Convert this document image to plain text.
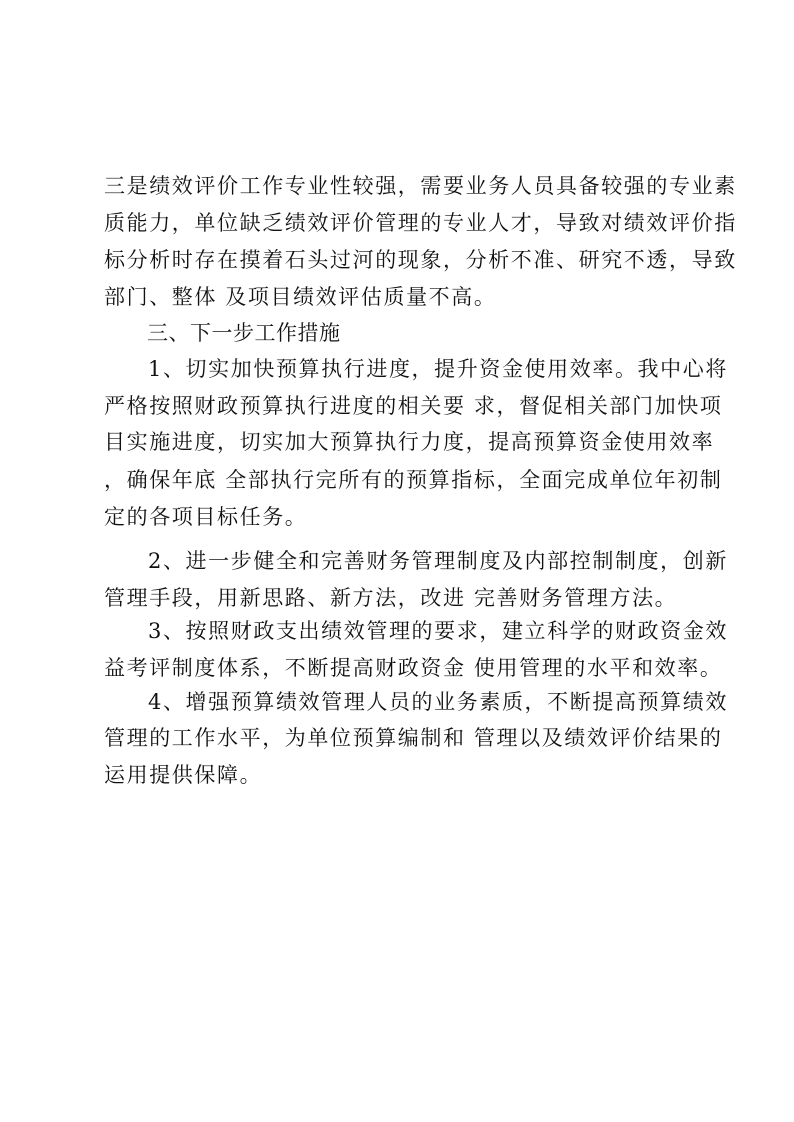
三是绩效评价工作专业性较强，需要业务人员具备较强的专业素
质能力，单位缺乏绩效评价管理的专业人才，导致对绩效评价指
标分析时存在摸着石头过河的现象，分析不准、研究不透，导致
部门、整体 及项目绩效评估质量不高。
三、下一步工作措施
1、切实加快预算执行进度，提升资金使用效率。我中心将
严格按照财政预算执行进度的相关要 求，督促相关部门加快项
目实施进度，切实加大预算执行力度，提高预算资金使用效率
，确保年底 全部执行完所有的预算指标，全面完成单位年初制
定的各项目标任务。
2、进一步健全和完善财务管理制度及内部控制制度，创新
管理手段，用新思路、新方法，改进 完善财务管理方法。
3、按照财政支出绩效管理的要求，建立科学的财政资金效
益考评制度体系，不断提高财政资金 使用管理的水平和效率。
4、增强预算绩效管理人员的业务素质，不断提高预算绩效
管理的工作水平，为单位预算编制和 管理以及绩效评价结果的
运用提供保障。
